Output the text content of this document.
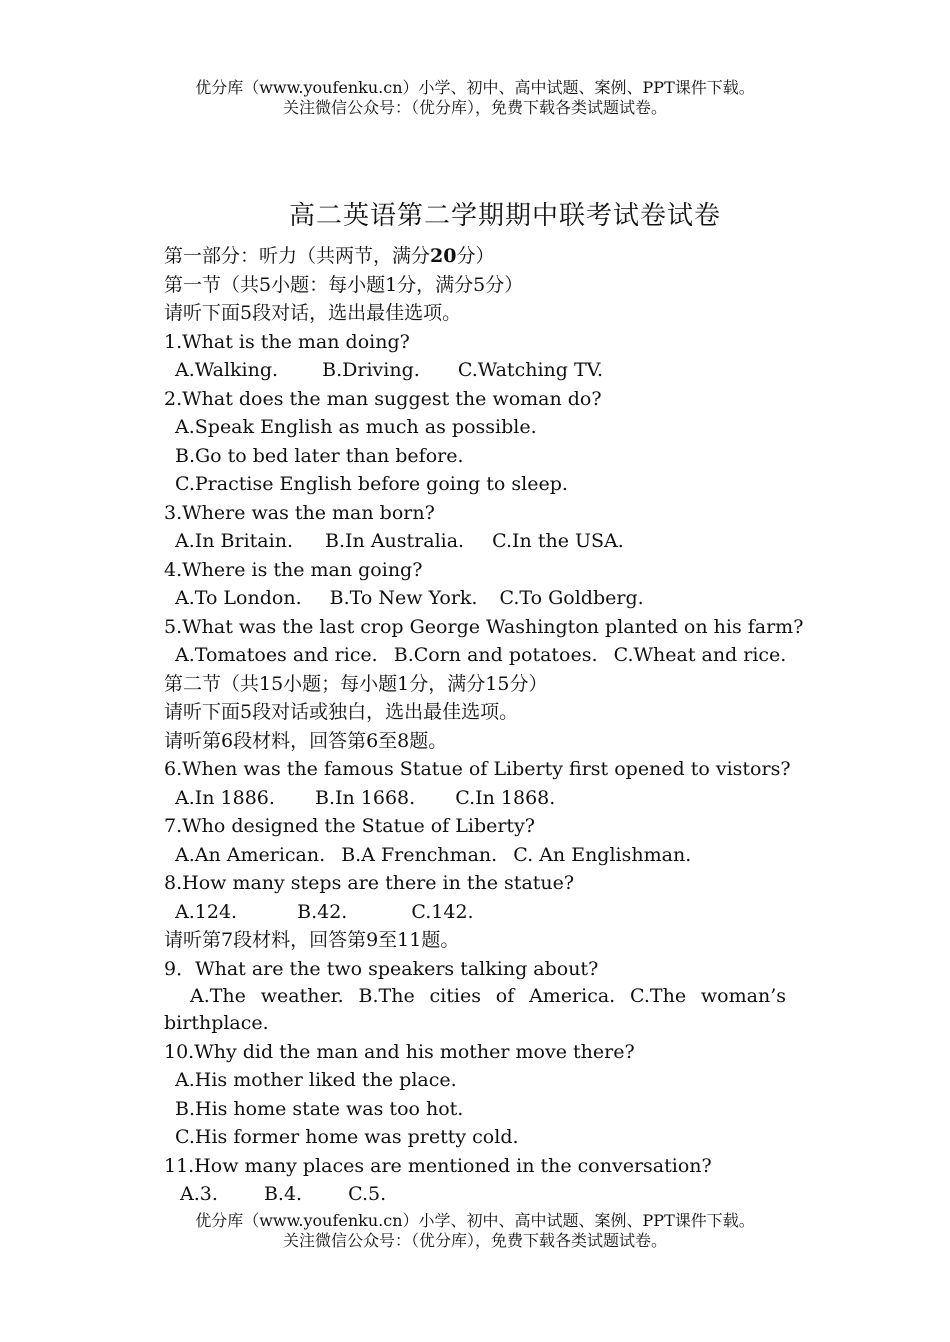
优分库（www.youfenku.cn）小学、初中、高中试题、案例、PPT课件下载。
关注微信公众号：（优分库），免费下载各类试题试卷。
高二英语第二学期期中联考试卷试卷
第一部分：听力（共两节，满分20分）
第一节（共5小题：每小题1分，满分5分）
请听下面5段对话，选出最佳选项。
1.What is the man doing?
A.Walking. B.Driving. C.Watching TV.
2.What does the man suggest the woman do?
A.Speak English as much as possible.
B.Go to bed later than before.
C.Practise English before going to sleep.
3.Where was the man born?
A.In Britain. B.In Australia. C.In the USA.
4.Where is the man going?
A.To London. B.To New York. C.To Goldberg.
5.What was the last crop George Washington planted on his farm?
A.Tomatoes and rice. B.Corn and potatoes. C.Wheat and rice.
第二节（共15小题；每小题1分，满分15分）
请听下面5段对话或独白，选出最佳选项。
请听第6段材料，回答第6至8题。
6.When was the famous Statue of Liberty first opened to vistors?
A.In 1886. B.In 1668. C.In 1868.
7.Who designed the Statue of Liberty?
A.An American. B.A Frenchman. C. An Englishman.
8.How many steps are there in the statue?
A.124.	B.42.	C.142.
请听第7段材料，回答第9至11题。
9．What are the two speakers talking about?
A.The weather. B.The cities of America. C.The woman’s
birthplace.
10.Why did the man and his mother move there?
A.His mother liked the place.
B.His home state was too hot.
C.His former home was pretty cold.
11.How many places are mentioned in the conversation?
A.3. B.4. C.5.
优分库（www.youfenku.cn）小学、初中、高中试题、案例、PPT课件下载。
关注微信公众号：（优分库），免费下载各类试题试卷。
